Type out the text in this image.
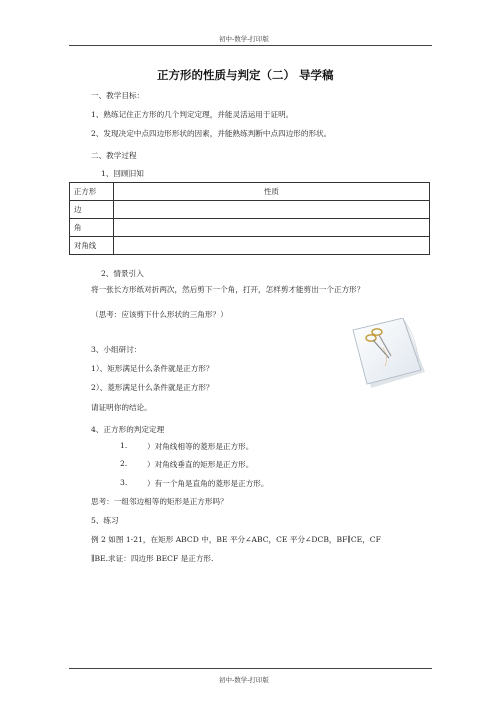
初中-数学-打印版
正方形的性质与判定（二） 导学稿
一、教学目标：
1、熟练记住正方形的几个判定定理，并能灵活运用于证明。
2、发现决定中点四边形形状的因素，并能熟练判断中点四边形的形状。
二、教学过程
1、回顾旧知
正方形	性质
边	
角	
对角线	
2、情景引入
将一张长方形纸对折两次，然后剪下一个角，打开，怎样剪才能剪出一个正方形？
（思考：应该剪下什么形状的三角形？）
3、小组研讨：
1）、矩形满足什么条件就是正方形？
2）、菱形满足什么条件就是正方形？
请证明你的结论。
4、正方形的判定定理
1.	）对角线相等的菱形是正方形。
2.	）对角线垂直的矩形是正方形。
3.	）有一个角是直角的菱形是正方形。
思考：一组邻边相等的矩形是正方形吗？
5、练习
例 2 如图 1-21，在矩形 ABCD 中，BE 平分∠ABC，CE 平分∠DCB，BF∥CE，CF
∥BE.求证：四边形 BECF 是正方形.
初中-数学-打印版
